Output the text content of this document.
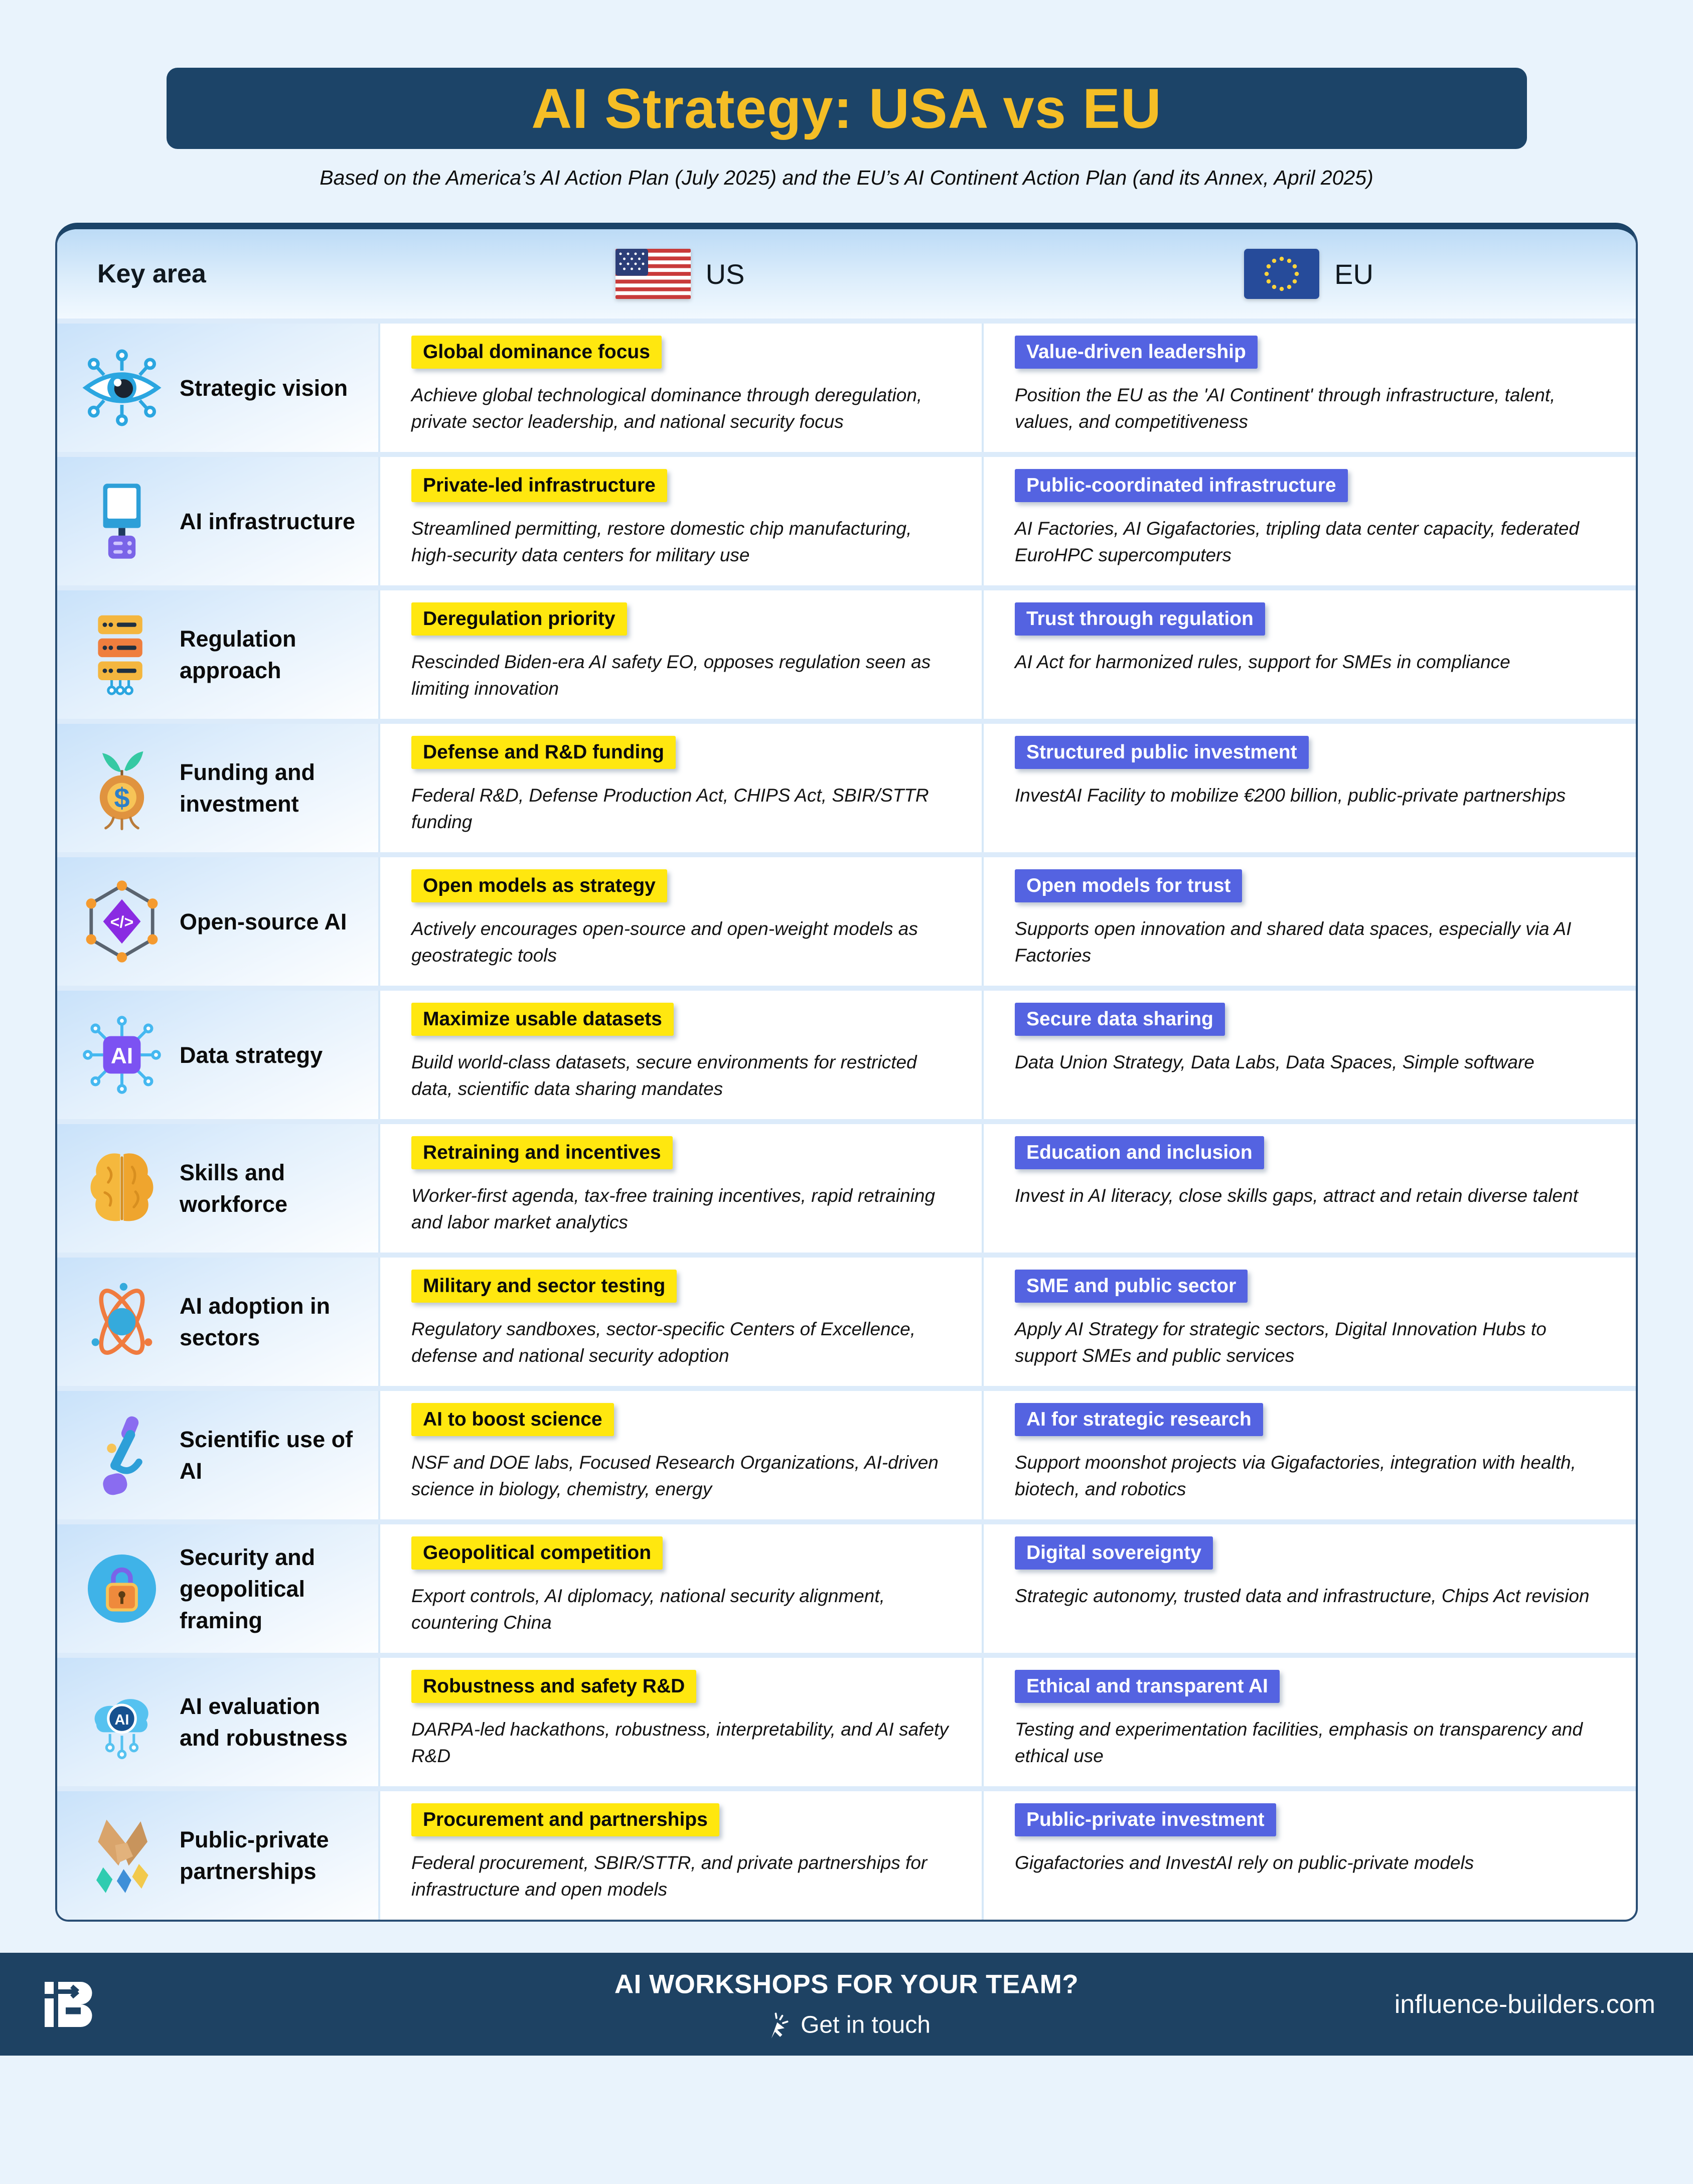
AI Strategy: USA vs EU

Based on the America’s AI Action Plan (July 2025) and the EU’s AI Continent Action Plan (and its Annex, April 2025)

Key area	US	EU
Strategic vision
Global dominance focus

Achieve global technological dominance through deregulation, private sector leadership, and national security focus

Value-driven leadership

Position the EU as the 'AI Continent' through infrastructure, talent, values, and competitiveness

AI infrastructure
Private-led infrastructure

Streamlined permitting, restore domestic chip manufacturing, high-security data centers for military use

Public-coordinated infrastructure

AI Factories, AI Gigafactories, tripling data center capacity, federated EuroHPC supercomputers

Regulation approach
Deregulation priority

Rescinded Biden-era AI safety EO, opposes regulation seen as limiting innovation

Trust through regulation

AI Act for harmonized rules, support for SMEs in compliance

$
Funding and investment
Defense and R&D funding

Federal R&D, Defense Production Act, CHIPS Act, SBIR/STTR funding

Structured public investment

InvestAI Facility to mobilize €200 billion, public-private partnerships

</> Open-source AI
Open models as strategy

Actively encourages open-source and open-weight models as geostrategic tools

Open models for trust

Supports open innovation and shared data spaces, especially via AI Factories

AI Data strategy
Maximize usable datasets

Build world-class datasets, secure environments for restricted data, scientific data sharing mandates

Secure data sharing

Data Union Strategy, Data Labs, Data Spaces, Simple software

Skills and workforce
Retraining and incentives

Worker-first agenda, tax-free training incentives, rapid retraining and labor market analytics

Education and inclusion

Invest in AI literacy, close skills gaps, attract and retain diverse talent

AI adoption in sectors
Military and sector testing

Regulatory sandboxes, sector-specific Centers of Excellence, defense and national security adoption

SME and public sector

Apply AI Strategy for strategic sectors, Digital Innovation Hubs to support SMEs and public services

Scientific use of AI
AI to boost science

NSF and DOE labs, Focused Research Organizations, AI-driven science in biology, chemistry, energy

AI for strategic research

Support moonshot projects via Gigafactories, integration with health, biotech, and robotics

Security and geopolitical framing
Geopolitical competition

Export controls, AI diplomacy, national security alignment, countering China

Digital sovereignty

Strategic autonomy, trusted data and infrastructure, Chips Act revision

AI
AI evaluation and robustness
Robustness and safety R&D

DARPA-led hackathons, robustness, interpretability, and AI safety R&D

Ethical and transparent AI

Testing and experimentation facilities, emphasis on transparency and ethical use

Public-private partnerships
Procurement and partnerships

Federal procurement, SBIR/STTR, and private partnerships for infrastructure and open models

Public-private investment

Gigafactories and InvestAI rely on public-private models

AI WORKSHOPS FOR YOUR TEAM?
Get in touch
influence-builders.com
